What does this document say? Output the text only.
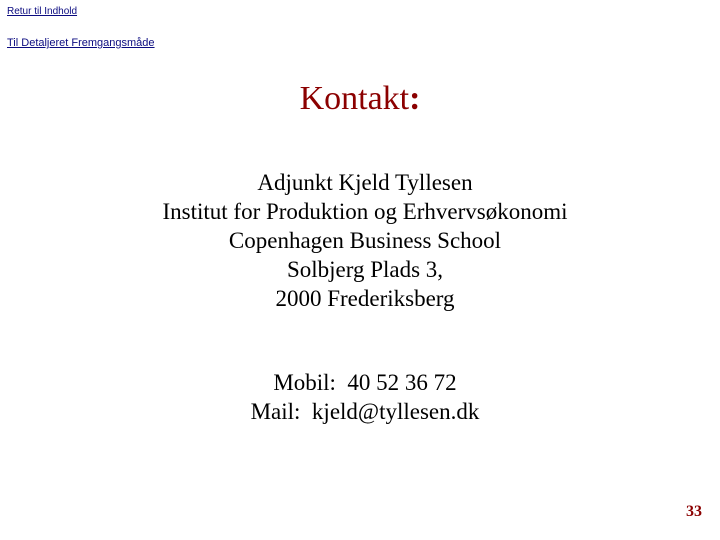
Retur til Indhold
Til Detaljeret Fremgangsmåde
Kontakt:
Adjunkt Kjeld Tyllesen
Institut for Produktion og Erhvervsøkonomi
Copenhagen Business School
Solbjerg Plads 3,
2000 Frederiksberg
Mobil:  40 52 36 72
Mail:  kjeld@tyllesen.dk
33
